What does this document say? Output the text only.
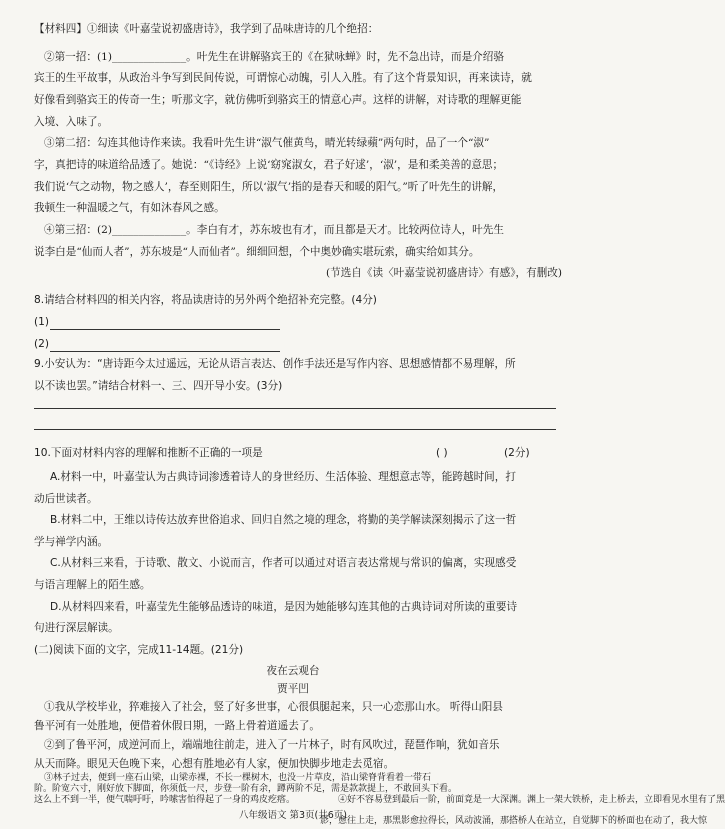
【材料四】①细读《叶嘉莹说初盛唐诗》，我学到了品味唐诗的几个绝招：
②第一招：(1)______________。叶先生在讲解骆宾王的《在狱咏蝉》时，先不急出诗，而是介绍骆
宾王的生平故事，从政治斗争写到民间传说，可谓惊心动魄，引人入胜。有了这个背景知识，再来读诗，就
好像看到骆宾王的传奇一生；听那文字，就仿佛听到骆宾王的情意心声。这样的讲解，对诗歌的理解更能
入境、入味了。
③第二招：勾连其他诗作来读。我看叶先生讲“淑气催黄鸟，晴光转绿蘋”两句时，品了一个“淑”
字，真把诗的味道给品透了。她说：“《诗经》上说‘窈窕淑女，君子好逑’，‘淑’，是和柔美善的意思；
我们说‘气之动物，物之感人’，春至则阳生，所以‘淑气’指的是春天和暖的阳气。”听了叶先生的讲解，
我顿生一种温暖之气，有如沐春风之感。
④第三招：(2)______________。李白有才，苏东坡也有才，而且都是天才。比较两位诗人，叶先生
说李白是“仙而人者”，苏东坡是“人而仙者”。细细回想，个中奥妙确实堪玩索，确实给如其分。
(节选自《读〈叶嘉莹说初盛唐诗〉有感》，有删改)
8.请结合材料四的相关内容，将品读唐诗的另外两个绝招补充完整。(4分)
(1)
(2)
9.小安认为：“唐诗距今太过遥远，无论从语言表达、创作手法还是写作内容、思想感情都不易理解，所
以不读也罢。”请结合材料一、三、四开导小安。(3分)
10.下面对材料内容的理解和推断不正确的一项是	( )	(2分)
A.材料一中，叶嘉莹认为古典诗词渗透着诗人的身世经历、生活体验、理想意志等，能跨越时间，打
动后世读者。
B.材料二中，王维以诗传达放弃世俗追求、回归自然之境的理念，将勤的美学解读深刻揭示了这一哲
学与禅学内涵。
C.从材料三来看，于诗歌、散文、小说而言，作者可以通过对语言表达常规与常识的偏离，实现感受
与语言理解上的陌生感。
D.从材料四来看，叶嘉莹先生能够品透诗的味道，是因为她能够勾连其他的古典诗词对所读的重要诗
句进行深层解读。
(二)阅读下面的文字，完成11-14题。(21分)
夜在云观台
贾平凹
①我从学校毕业，猝难接入了社会，竖了好多世事，心很俱腿起来，只一心恋那山水。 听得山阳县
鲁平河有一处胜地，便借着休假日期，一路上骨着道遥去了。
②到了鲁平河，成逆河而上，端端地往前走，进入了一片林子，时有风吹过，琵琶作响，犹如音乐
从天而降。眼见天色晚下来，心想有胜地必有人家，便加快脚步地走去觅宿。
③林子过去，便到一座石山梁，山梁赤裸，不长一棵树木，也没一片草皮，沿山梁脊背看着一带石
阶。阶宽六寸，刚好放下脚面，你须低一尺，步登一阶有余，蹲两阶不足，需是款款提上，不敢回头下看。
这么上不到一半，便气喘吁吁，吟嗦害怕得起了一身的鸡皮疙瘩。	④好不容易登到最后一阶，前面竟是一大深渊。渊上一架大铁桥，走上桥去，立即看见水里有了黑
影，愈往上走，那黑影愈拉得长，风动波涌，那搭桥人在站立，自觉脚下的桥面也在动了，我大惊
八年级语文 第3页(共6页)
